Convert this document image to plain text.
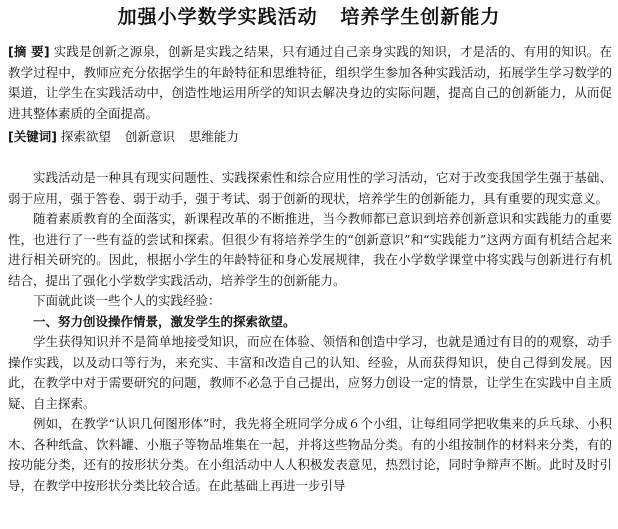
加强小学数学实践活动   培养学生创新能力
[摘 要] 实践是创新之源泉，创新是实践之结果，只有通过自己亲身实践的知识，才是活的、有用的知识。在教学过程中，教师应充分依据学生的年龄特征和思维特征，组织学生参加各种实践活动，拓展学生学习数学的渠道，让学生在实践活动中，创造性地运用所学的知识去解决身边的实际问题，提高自己的创新能力，从而促进其整体素质的全面提高。
[关键词] 探索欲望 创新意识 思维能力

实践活动是一种具有现实问题性、实践探索性和综合应用性的学习活动，它对于改变我国学生强于基础、弱于应用，强于答卷、弱于动手，强于考试、弱于创新的现状，培养学生的创新能力，具有重要的现实意义。

随着素质教育的全面落实，新课程改革的不断推进，当今教师都已意识到培养创新意识和实践能力的重要性，也进行了一些有益的尝试和探索。但很少有将培养学生的“创新意识”和“实践能力”这两方面有机结合起来进行相关研究的。因此，根据小学生的年龄特征和身心发展规律，我在小学数学课堂中将实践与创新进行有机结合，提出了强化小学数学实践活动，培养学生的创新能力。

下面就此谈一些个人的实践经验：

一、努力创设操作情景，激发学生的探索欲望。

学生获得知识并不是简单地接受知识，而应在体验、领悟和创造中学习，也就是通过有目的的观察，动手操作实践，以及动口等行为，来充实、丰富和改造自己的认知、经验，从而获得知识，使自己得到发展。因此，在教学中对于需要研究的问题，教师不必急于自己提出，应努力创设一定的情景，让学生在实践中自主质疑、自主探索。

例如，在教学“认识几何图形体”时，我先将全班同学分成６个小组，让每组同学把收集来的乒乓球、小积木、各种纸盒、饮料罐、小瓶子等物品堆集在一起，并将这些物品分类。有的小组按制作的材料来分类，有的按功能分类，还有的按形状分类。在小组活动中人人积极发表意见，热烈讨论，同时争辩声不断。此时及时引导，在教学中按形状分类比较合适。在此基础上再进一步引导
